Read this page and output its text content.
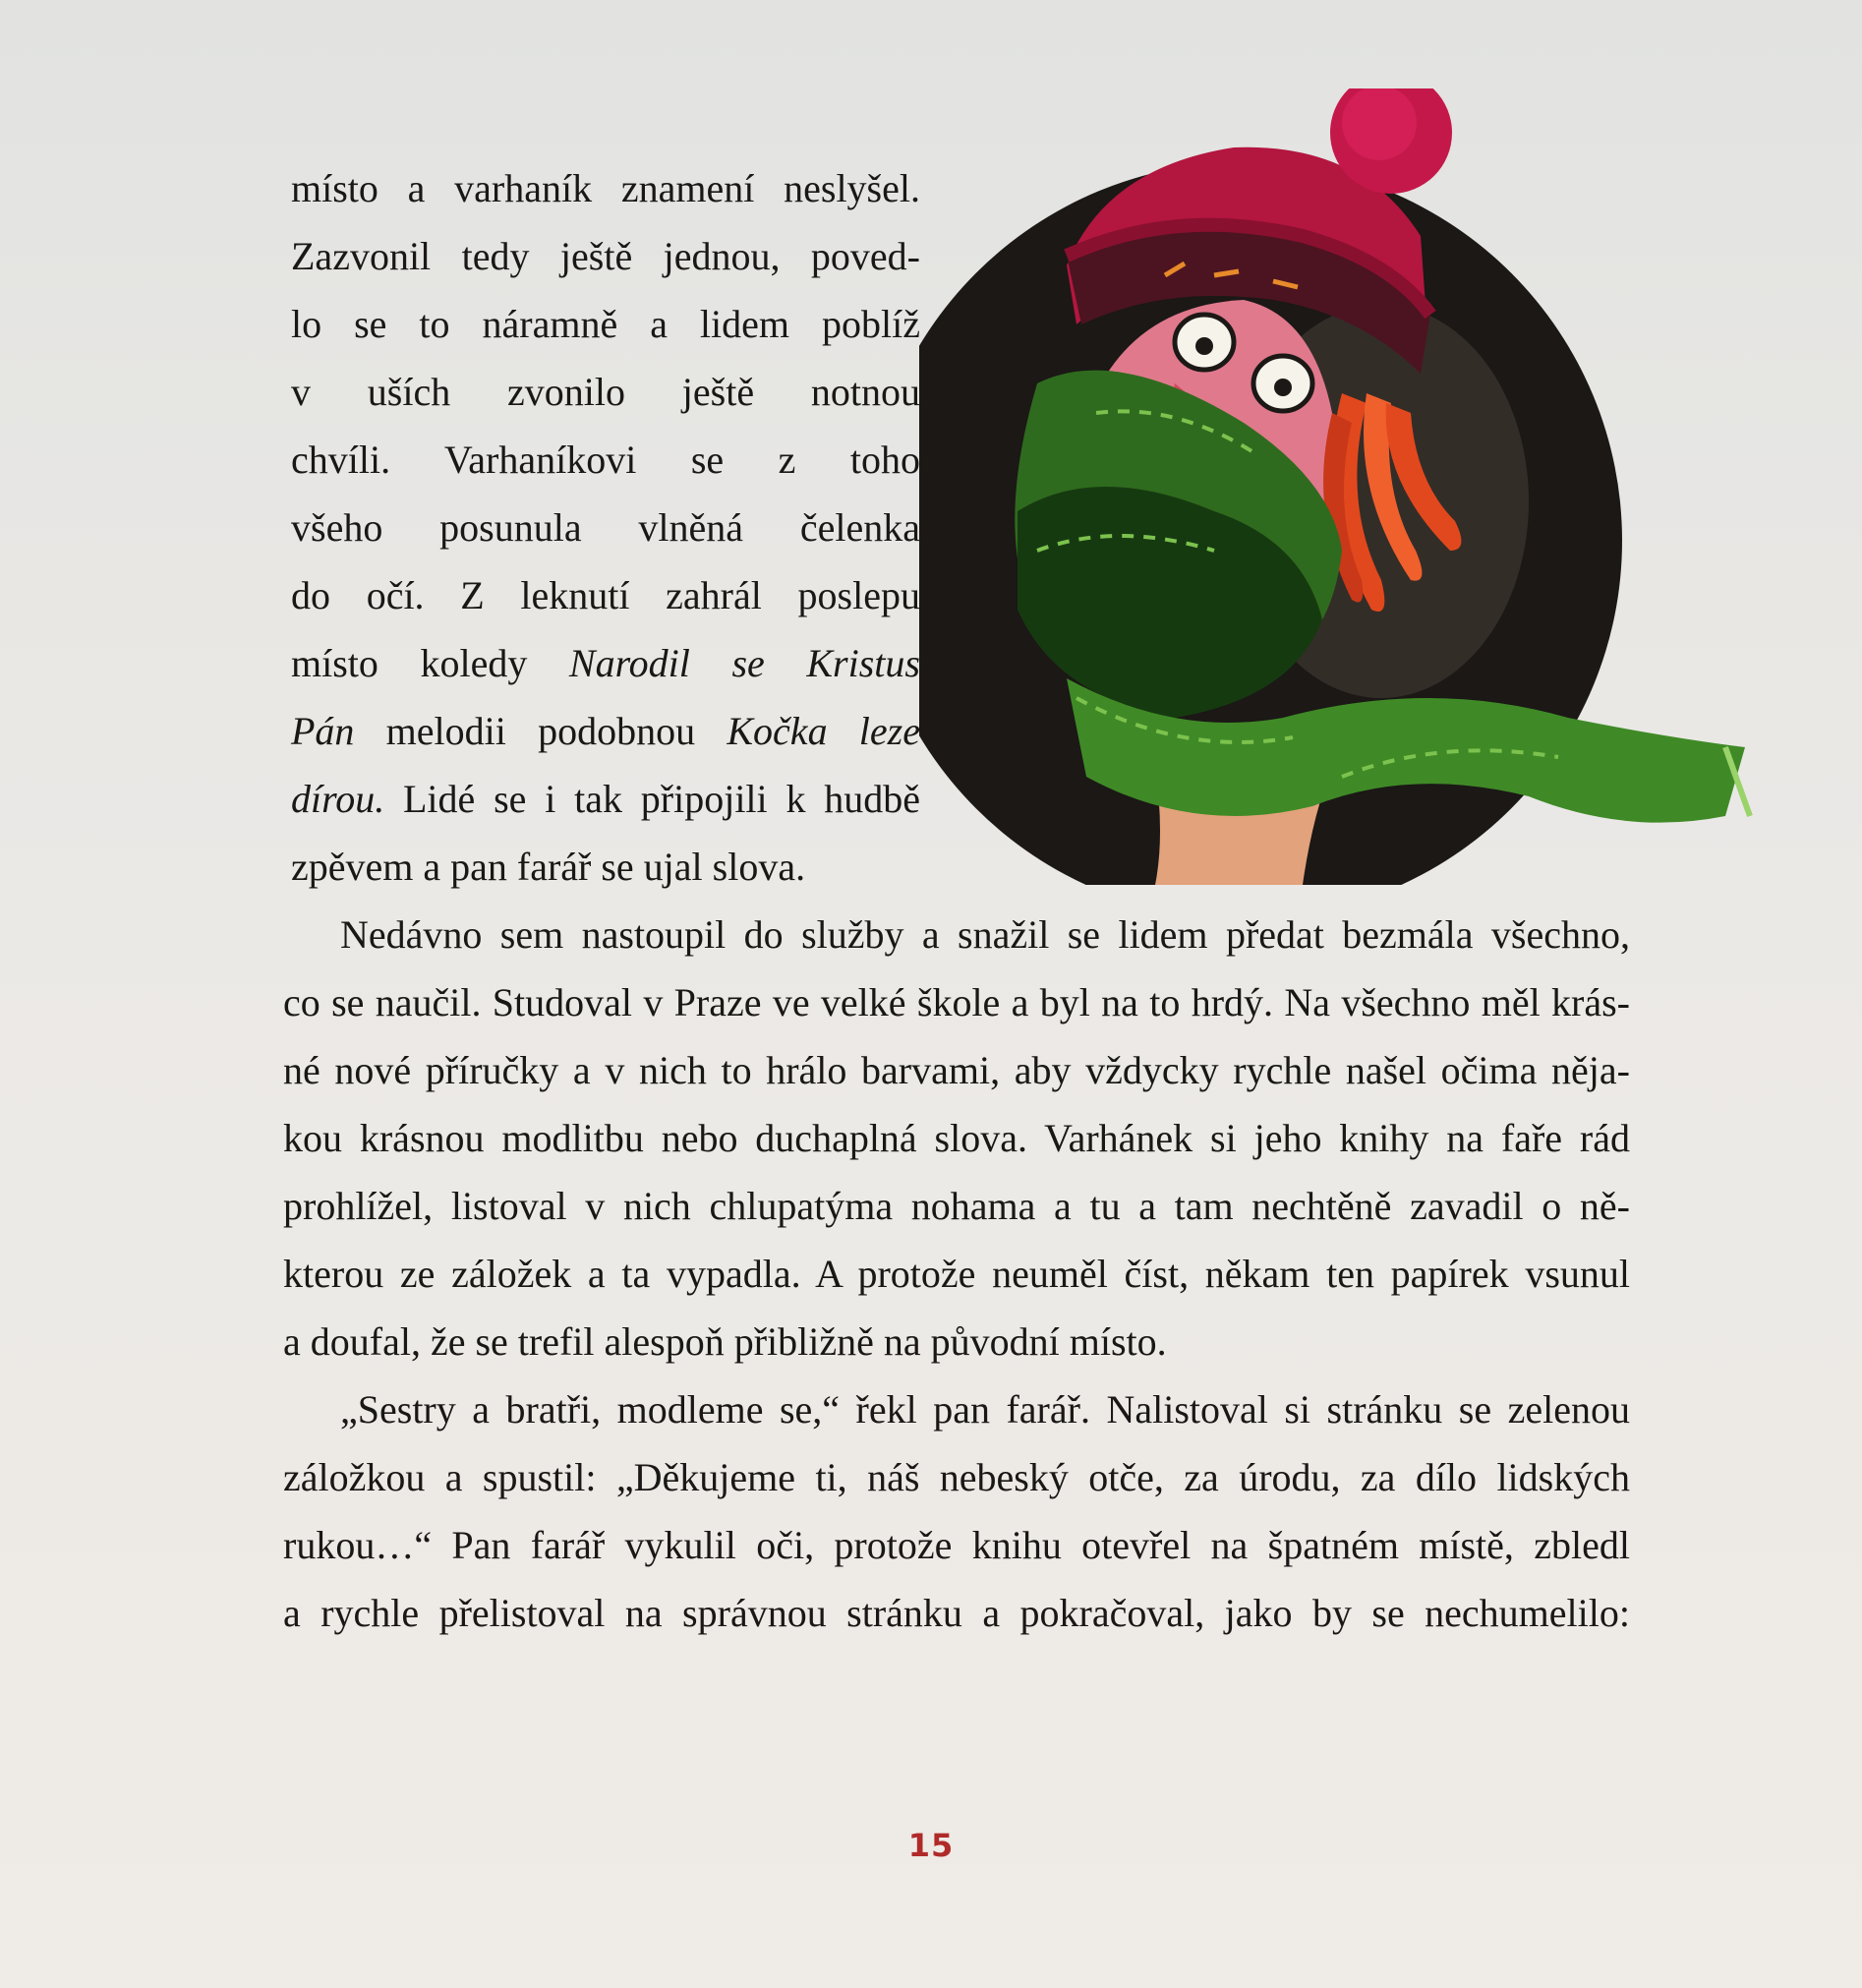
místo a varhaník znamení neslyšel.

Zazvonil tedy ještě jednou, poved-

lo se to náramně a lidem poblíž

v uších zvonilo ještě notnou

chvíli. Varhaníkovi se z toho

všeho posunula vlněná čelenka

do očí. Z leknutí zahrál poslepu

místo koledy Narodil se Kristus

Pán melodii podobnou Kočka leze

dírou. Lidé se i tak připojili k hudbě

zpěvem a pan farář se ujal slova.

Nedávno sem nastoupil do služby a snažil se lidem předat bezmála všechno,

co se naučil. Studoval v Praze ve velké škole a byl na to hrdý. Na všechno měl krás-

né nové příručky a v nich to hrálo barvami, aby vždycky rychle našel očima něja-

kou krásnou modlitbu nebo duchaplná slova. Varhánek si jeho knihy na faře rád

prohlížel, listoval v nich chlupatýma nohama a tu a tam nechtěně zavadil o ně-

kterou ze záložek a ta vypadla. A protože neuměl číst, někam ten papírek vsunul

a doufal, že se trefil alespoň přibližně na původní místo.

„Sestry a bratři, modleme se,“ řekl pan farář. Nalistoval si stránku se zelenou

záložkou a spustil: „Děkujeme ti, náš nebeský otče, za úrodu, za dílo lidských

rukou…“ Pan farář vykulil oči, protože knihu otevřel na špatném místě, zbledl

a rychle přelistoval na správnou stránku a pokračoval, jako by se nechumelilo:

15
